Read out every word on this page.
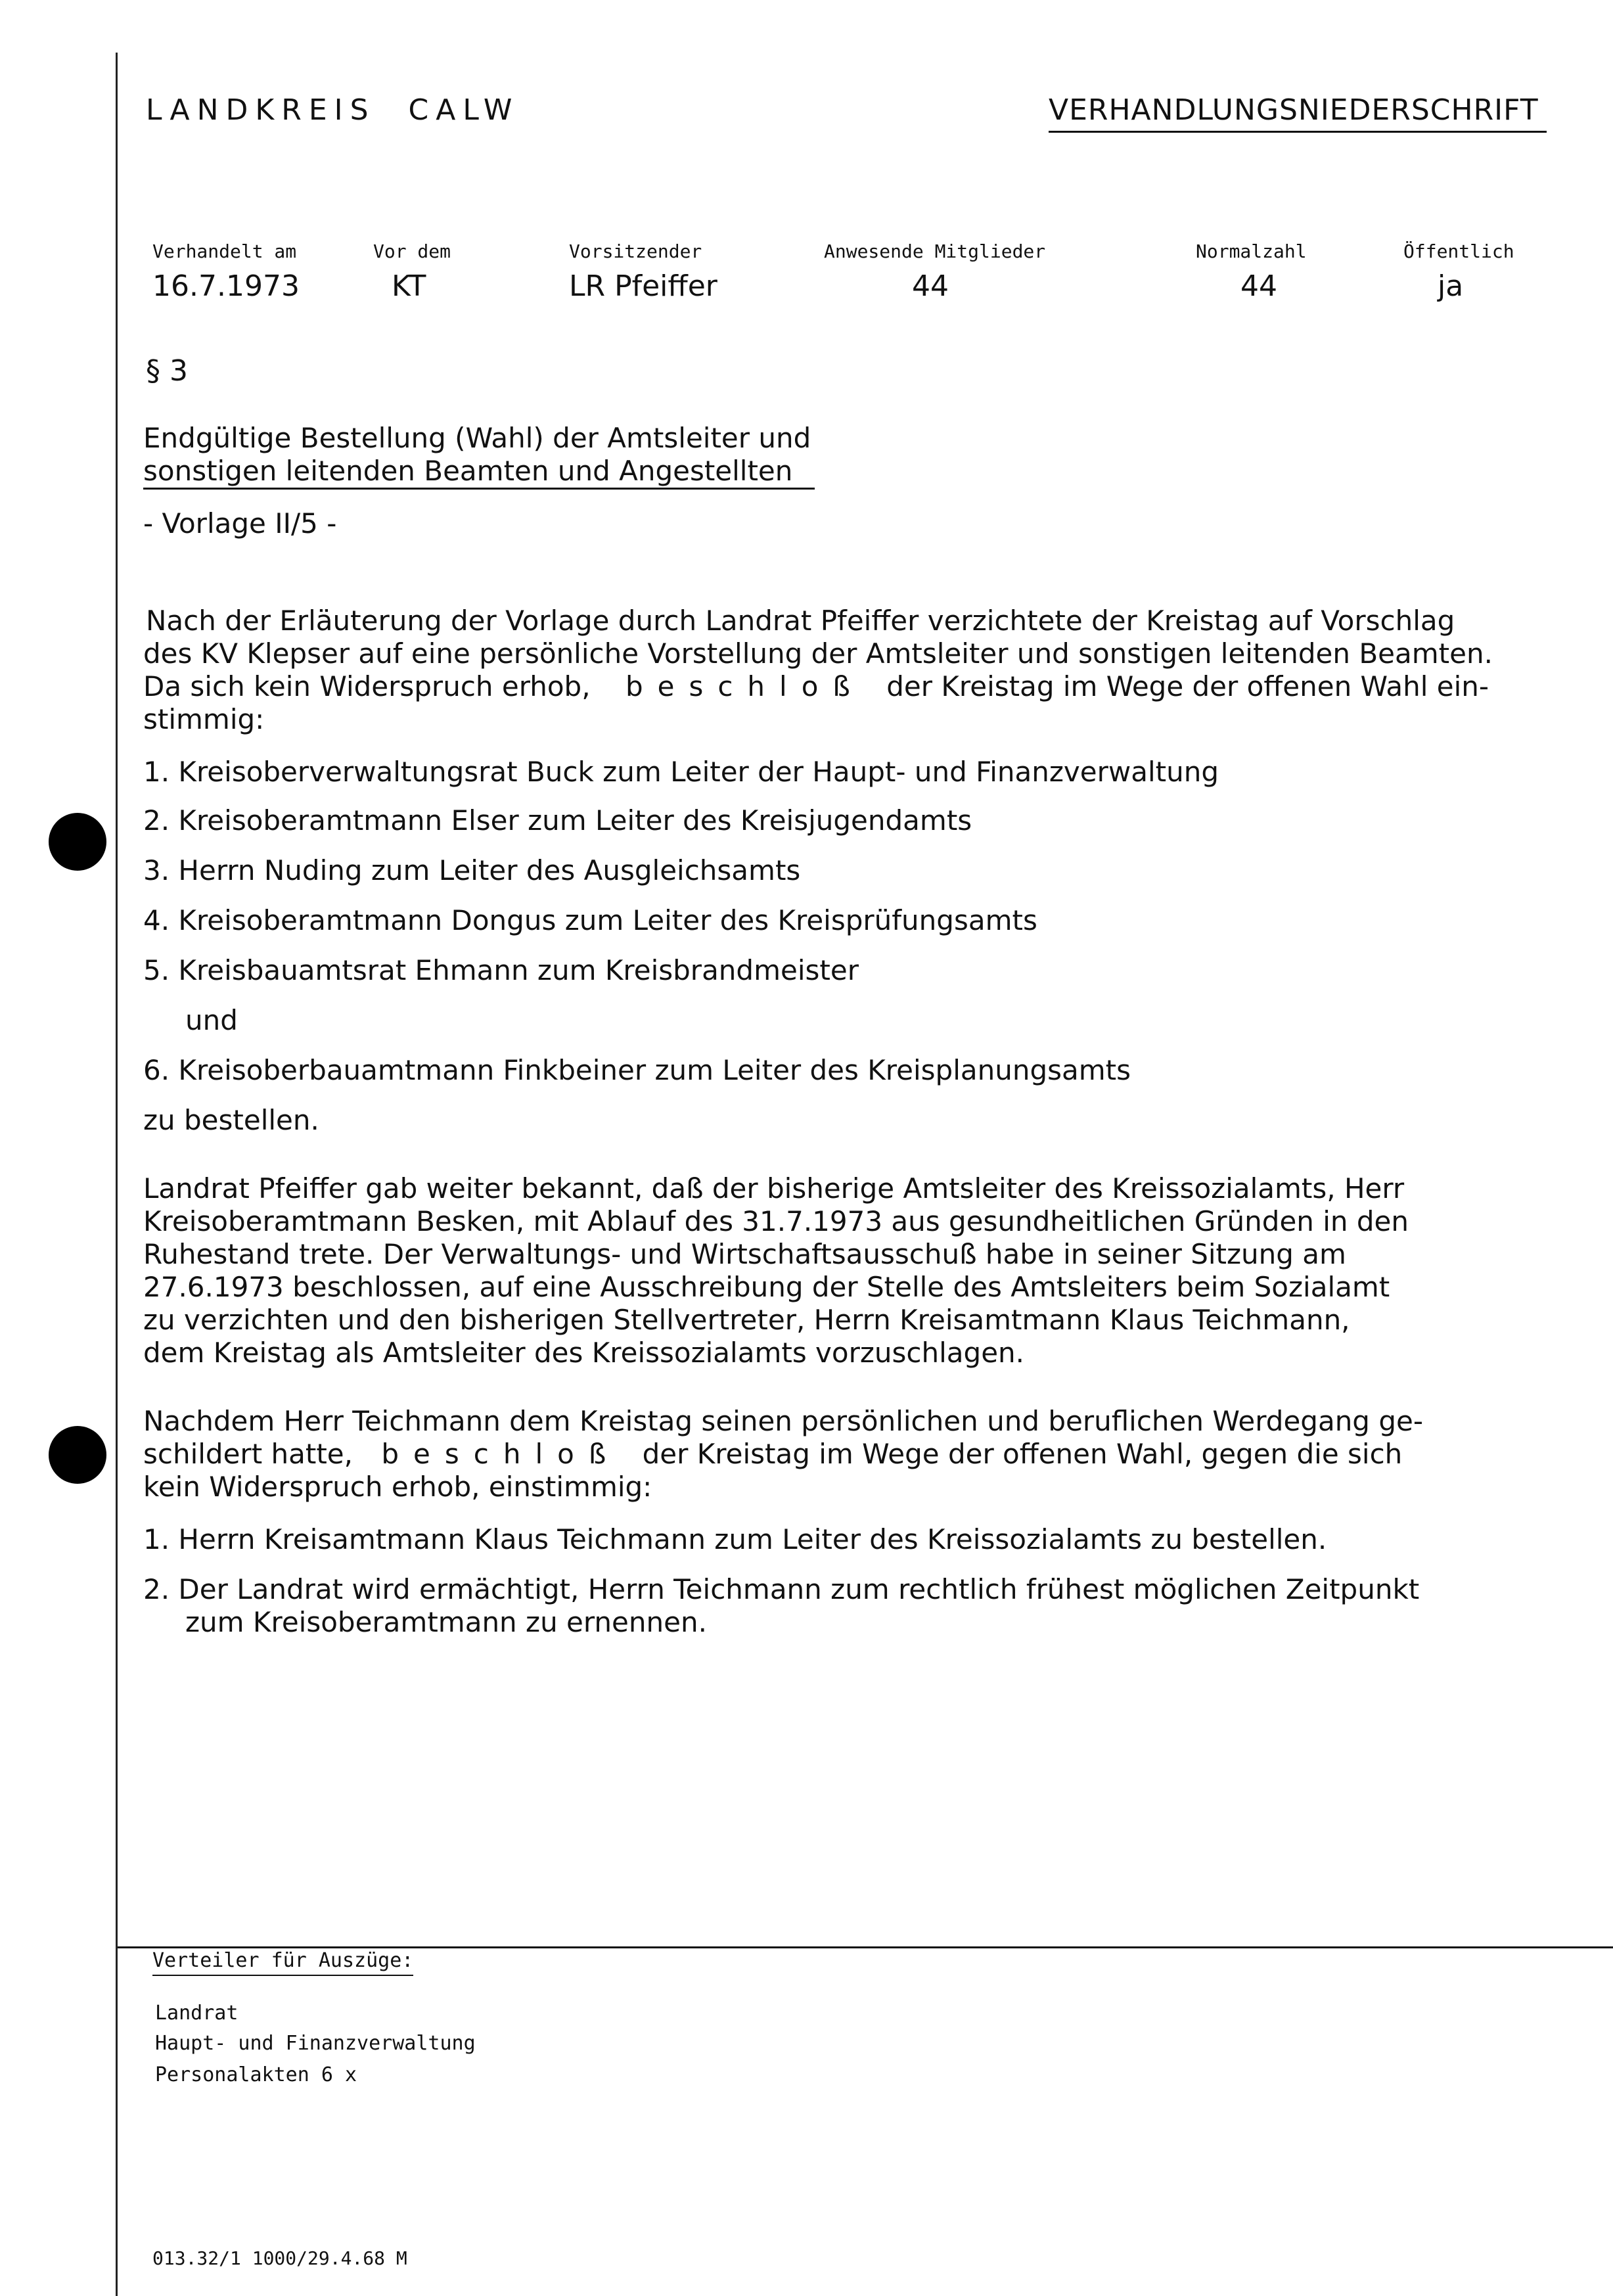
LANDKREIS  CALW	VERHANDLUNGSNIEDERSCHRIFT
Verhandelt am
16.7.1973
Vor dem
KT
Vorsitzender
LR Pfeiffer
Anwesende Mitglieder
44
Normalzahl
44
Öffentlich
ja
§ 3
Endgültige Bestellung (Wahl) der Amtsleiter und
sonstigen leitenden Beamten und Angestellten
- Vorlage II/5 -
Nach der Erläuterung der Vorlage durch Landrat Pfeiffer verzichtete der Kreistag auf Vorschlag
des KV Klepser auf eine persönliche Vorstellung der Amtsleiter und sonstigen leitenden Beamten.
Da sich kein Widerspruch erhob, beschloß der Kreistag im Wege der offenen Wahl ein-
stimmig:
1. Kreisoberverwaltungsrat Buck zum Leiter der Haupt- und Finanzverwaltung
2. Kreisoberamtmann Elser zum Leiter des Kreisjugendamts
3. Herrn Nuding zum Leiter des Ausgleichsamts
4. Kreisoberamtmann Dongus zum Leiter des Kreisprüfungsamts
5. Kreisbauamtsrat Ehmann zum Kreisbrandmeister
und
6. Kreisoberbauamtmann Finkbeiner zum Leiter des Kreisplanungsamts
zu bestellen.
Landrat Pfeiffer gab weiter bekannt, daß der bisherige Amtsleiter des Kreissozialamts, Herr
Kreisoberamtmann Besken, mit Ablauf des 31.7.1973 aus gesundheitlichen Gründen in den
Ruhestand trete. Der Verwaltungs- und Wirtschaftsausschuß habe in seiner Sitzung am
27.6.1973 beschlossen, auf eine Ausschreibung der Stelle des Amtsleiters beim Sozialamt
zu verzichten und den bisherigen Stellvertreter, Herrn Kreisamtmann Klaus Teichmann,
dem Kreistag als Amtsleiter des Kreissozialamts vorzuschlagen.
Nachdem Herr Teichmann dem Kreistag seinen persönlichen und beruflichen Werdegang ge-
schildert hatte, beschloß der Kreistag im Wege der offenen Wahl, gegen die sich
kein Widerspruch erhob, einstimmig:
1. Herrn Kreisamtmann Klaus Teichmann zum Leiter des Kreissozialamts zu bestellen.
2. Der Landrat wird ermächtigt, Herrn Teichmann zum rechtlich frühest möglichen Zeitpunkt
zum Kreisoberamtmann zu ernennen.
Verteiler für Auszüge:
Landrat
Haupt- und Finanzverwaltung
Personalakten 6 x
013.32/1 1000/29.4.68 M
